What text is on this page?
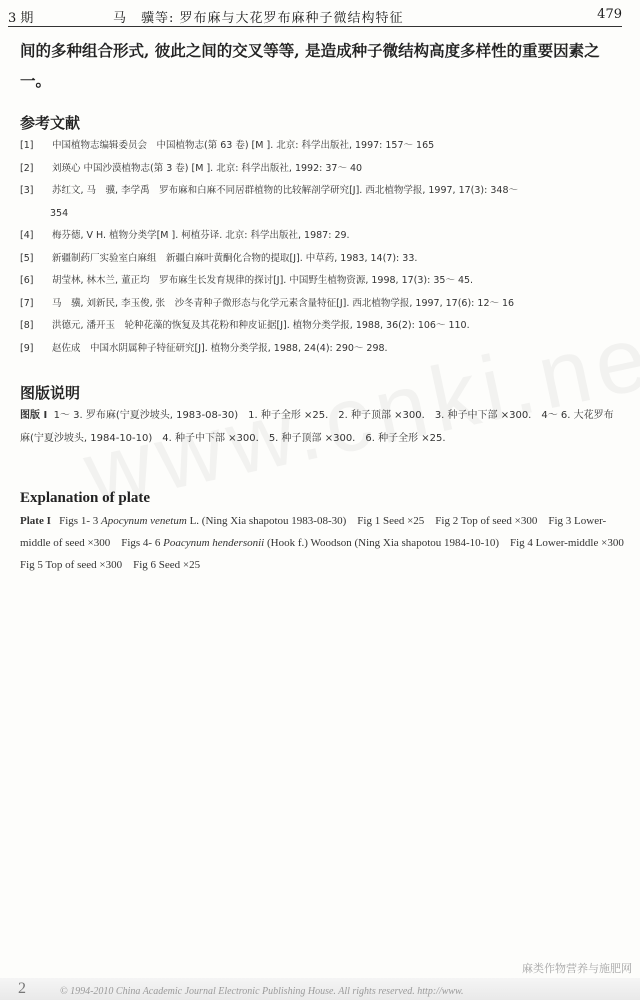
3 期	马　骥等: 罗布麻与大花罗布麻种子微结构特征	479
间的多种组合形式, 彼此之间的交叉等等, 是造成种子微结构高度多样性的重要因素之一。
参考文献
[1] 中国植物志编辑委员会　中国植物志(第 63 卷) [M ]. 北京: 科学出版社, 1997: 157～ 165
[2] 刘瑛心 中国沙漠植物志(第 3 卷) [M ]. 北京: 科学出版社, 1992: 37～ 40
[3] 苏红文, 马　骥, 李学禹　罗布麻和白麻不同居群植物的比较解剖学研究[J]. 西北植物学报, 1997, 17(3): 348～
354
[4] 梅芬德, V H. 植物分类学[M ]. 柯植芬译. 北京: 科学出版社, 1987: 29.
[5] 新疆制药厂实验室白麻组　新疆白麻叶黄酮化合物的提取[J]. 中草药, 1983, 14(7): 33.
[6] 胡莹林, 林木兰, 董正均　罗布麻生长发育规律的探讨[J]. 中国野生植物资源, 1998, 17(3): 35～ 45.
[7] 马　骥, 刘新民, 李玉俊, 张　沙冬青种子微形态与化学元素含量特征[J]. 西北植物学报, 1997, 17(6): 12～ 16
[8] 洪德元, 潘开玉　轮种花藻的恢复及其花粉和种皮证据[J]. 植物分类学报, 1988, 36(2): 106～ 110.
[9] 赵佐成　中国水阴属种子特征研究[J]. 植物分类学报, 1988, 24(4): 290～ 298.
图版说明
图版 I 1～ 3. 罗布麻(宁夏沙坡头, 1983-08-30)　1. 种子全形 ×25.　2. 种子顶部 ×300.　3. 种子中下部 ×300.　4～ 6. 大花罗布麻(宁夏沙坡头, 1984-10-10)　4. 种子中下部 ×300.　5. 种子顶部 ×300.　6. 种子全形 ×25.
Explanation of plate
Plate I Figs 1- 3 Apocynum venetum L. (Ning Xia shapotou 1983-08-30)　Fig 1 Seed ×25　Fig 2 Top of seed ×300　Fig 3 Lower-middle of seed ×300　Figs 4- 6 Poacynum hendersonii (Hook f.) Woodson (Ning Xia shapotou 1984-10-10)　Fig 4 Lower-middle ×300　Fig 5 Top of seed ×300　Fig 6 Seed ×25
麻类作物营养与施肥网
2	© 1994-2010 China Academic Journal Electronic Publishing House. All rights reserved. http://www.
